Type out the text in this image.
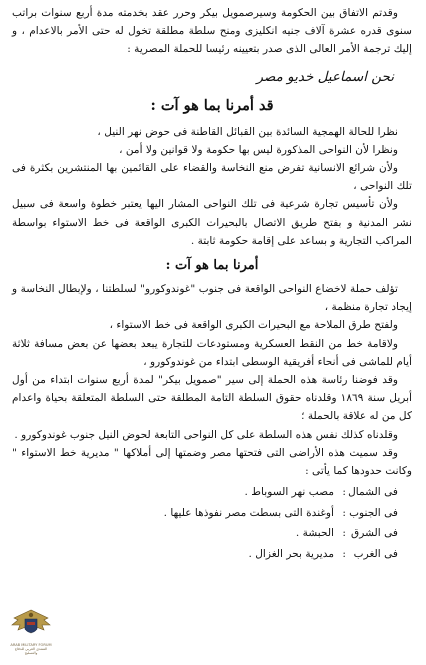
وقدتم الاتفاق بين الحكومة وسيرصمويل بيكر وحرر عقد بخدمته مدة أربع سنوات براتب سنوى قدره عشرة آلاف جنيه انكليزى ومنح سلطة مطلقة تخول له حتى الأمر بالاعدام ، و إليك ترجمة الأمر العالى الذى صدر بتعيينه رئيسا للحملة المصرية :

نحن اسماعيل خديو مصر

قد أمرنا بما هو آت :

نظرا للحالة الهمجية السائدة بين القبائل القاطنة فى حوض نهر النيل ،

ونظرا لأن النواحى المذكورة ليس بها حكومة ولا قوانين ولا أمن ،

ولأن شرائع الانسانية تفرض منع النخاسة والقضاء على القائمين بها المنتشرين بكثرة فى تلك النواحى ،

ولأن تأسيس تجارة شرعية فى تلك النواحى المشار اليها يعتبر خطوة واسعة فى سبيل نشر المدنية و بفتح طريق الاتصال بالبحيرات الكبرى الواقعة فى خط الاستواء بواسطة المراكب التجارية و بساعد على إقامة حكومة ثابتة .

أمرنا بما هو آت :

تؤلف حملة لاخضاع النواحى الواقعة فى جنوب "غوندوكورو" لسلطتنا ، ولإبطال النخاسة و إيجاد تجارة منظمة ،

ولفتح طرق الملاحة مع البحيرات الكبرى الواقعة فى خط الاستواء ،

ولاقامة خط من النقط العسكرية ومستودعات للتجارة يبعد بعضها عن بعض مسافة ثلاثة أيام للماشى فى أنحاء أفريقية الوسطى ابتداء من غوندوكورو ،

وقد فوضنا رئاسة هذه الحملة إلى سير "صمويل بيكر" لمدة أربع سنوات ابتداء من أول أبريل سنة ١٨٦٩ وقلدناه حقوق السلطة التامة المطلقة حتى السلطة المتعلقة بحياة واعدام كل من له علاقة بالحملة ؛

وقلدناه كذلك نفس هذه السلطة على كل النواحى التابعة لحوض النيل جنوب غوندوكورو .

وقد سميت هذه الأراضى التى فتحتها مصر وضمتها إلى أملاكها " مديرية خط الاستواء " وكانت حدودها كما يأتى :

فى الشمال
:
مصب نهر السوباط .
فى الجنوب
:
أوغندة التى بسطت مصر نفوذها عليها .
فى الشرق
:
الحبشة .
فى الغرب
:
مديرية بحر الغزال .
ARAB MILITARY FORUM
المنتدى العربي للدفاع والتسليح
